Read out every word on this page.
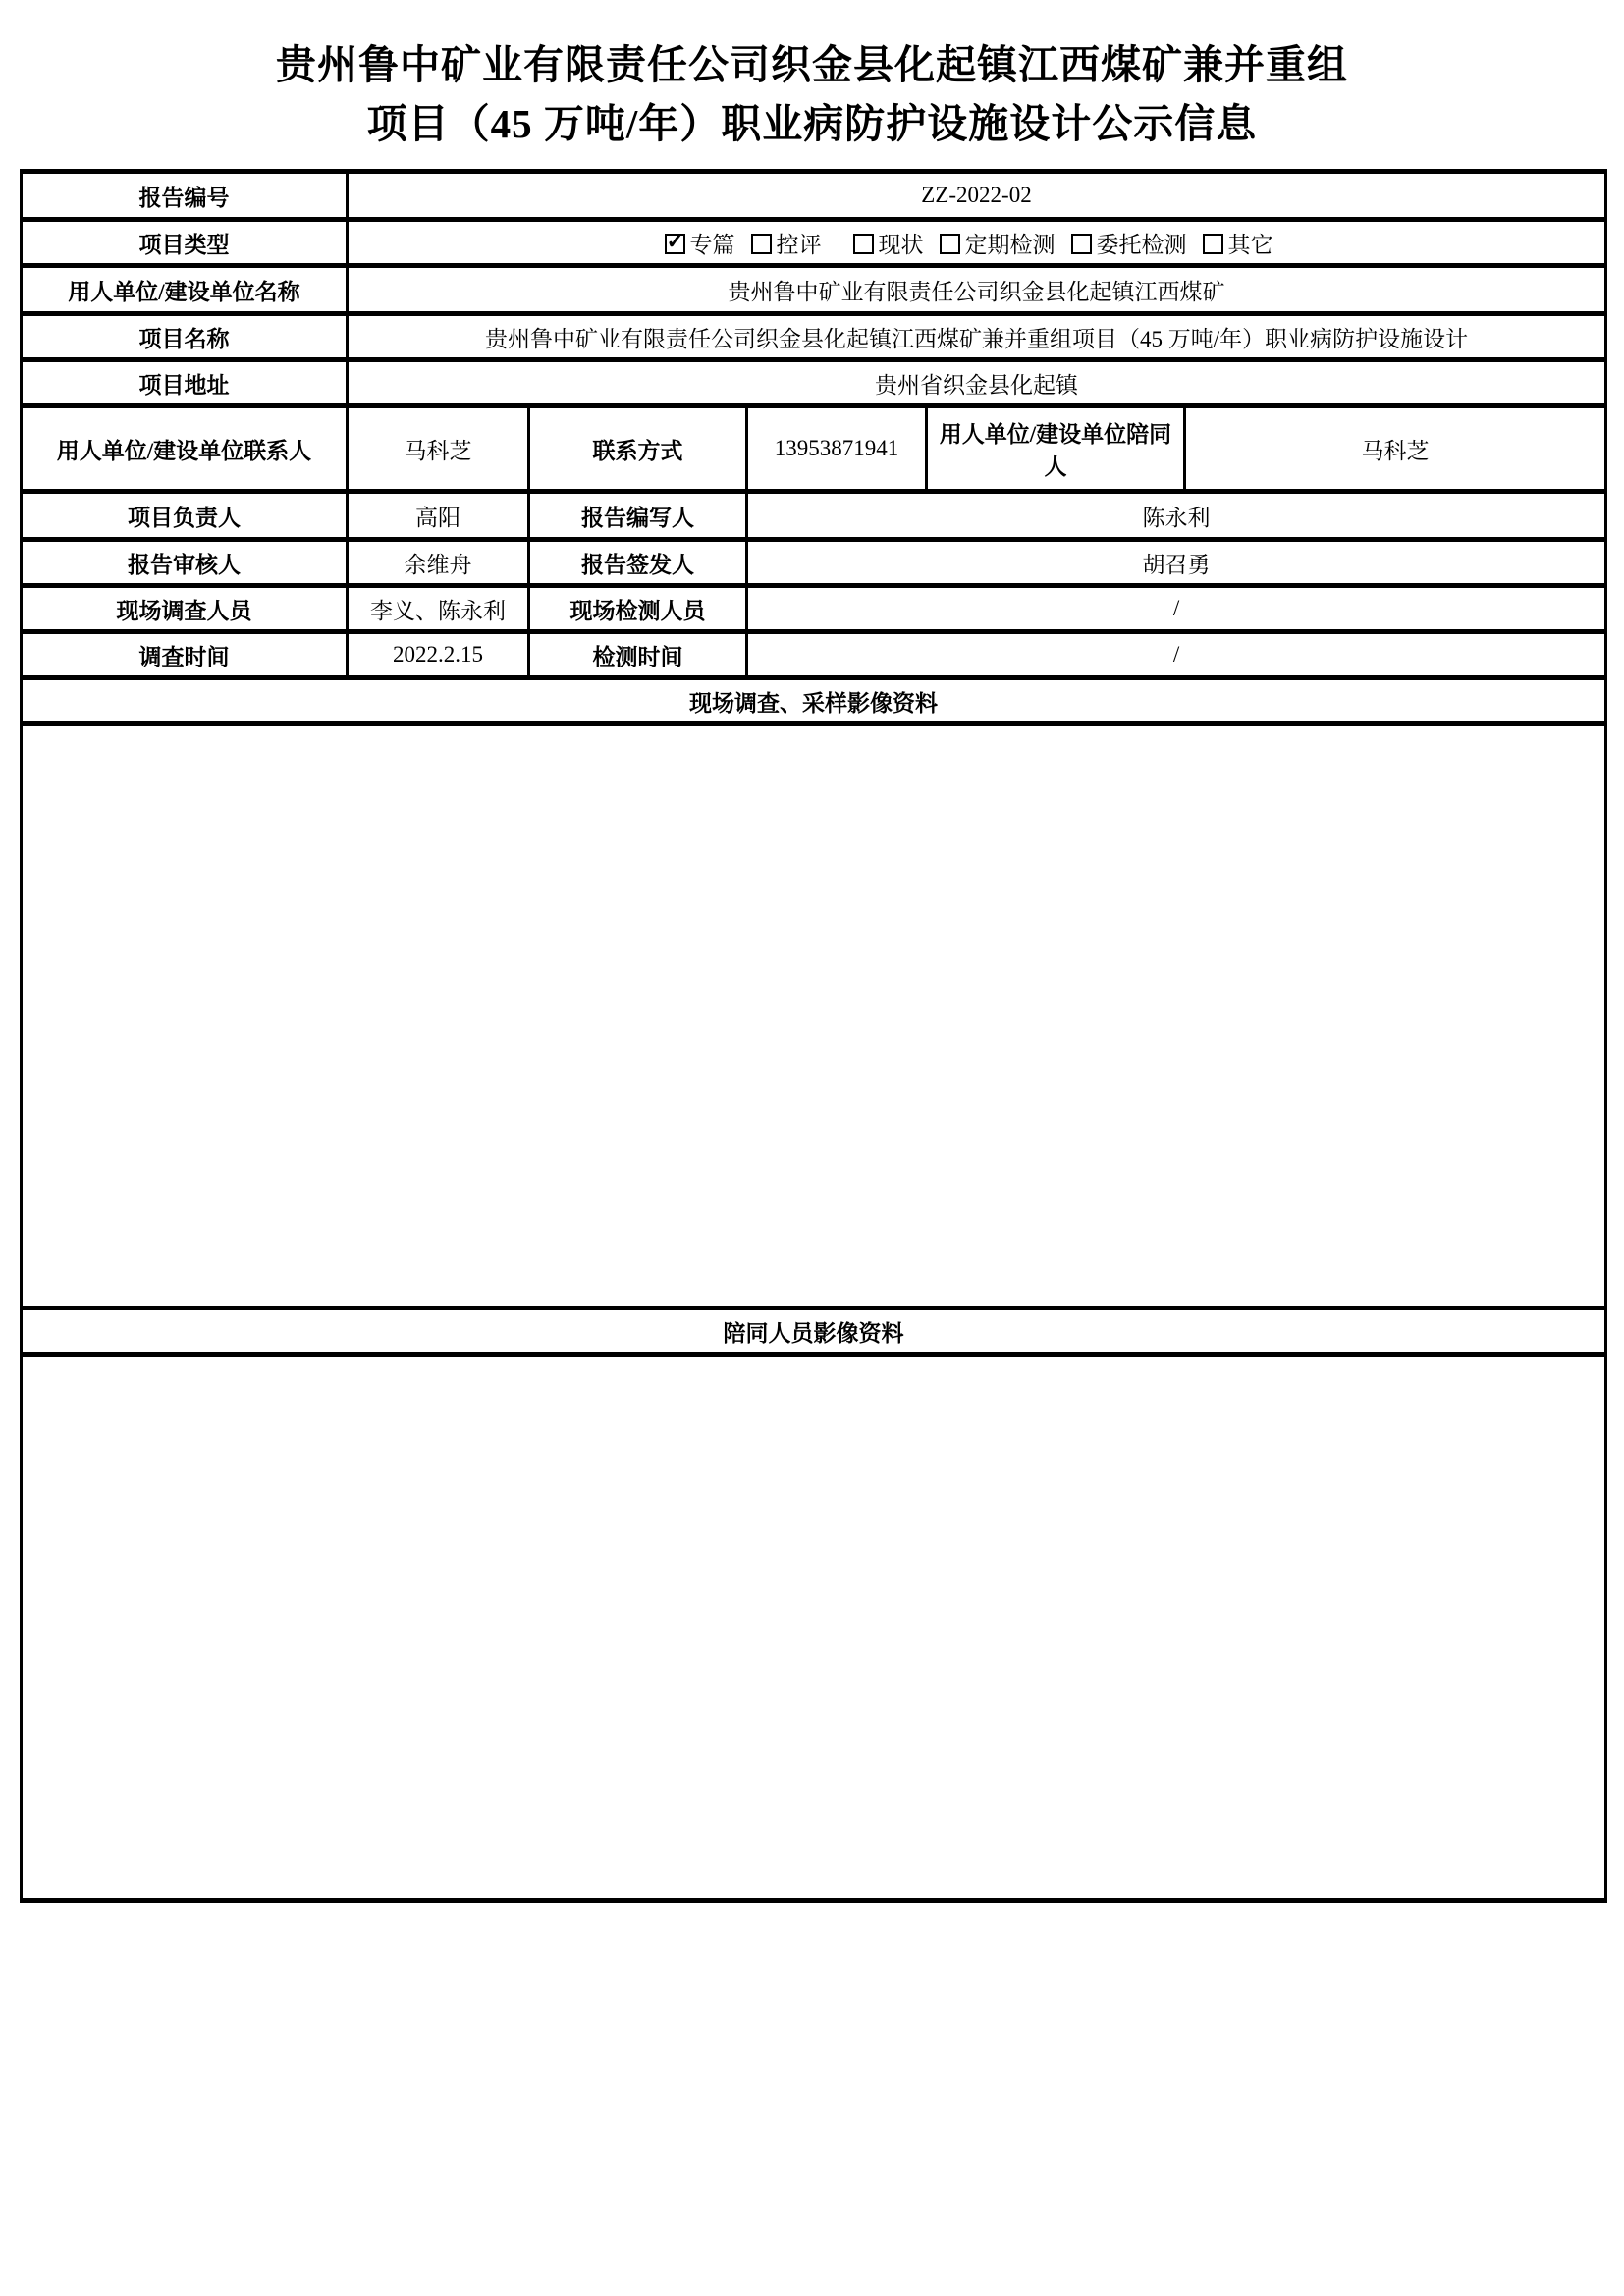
贵州鲁中矿业有限责任公司织金县化起镇江西煤矿兼并重组
项目（45 万吨/年）职业病防护设施设计公示信息
报告编号	ZZ-2022-02				
项目类型	✓专篇 控评 现状 定期检测 委托检测 其它
用人单位/建设单位名称	贵州鲁中矿业有限责任公司织金县化起镇江西煤矿				
项目名称	贵州鲁中矿业有限责任公司织金县化起镇江西煤矿兼并重组项目（45 万吨/年）职业病防护设施设计				
项目地址	贵州省织金县化起镇				
用人单位/建设单位联系人	马科芝	联系方式	13953871941	用人单位/建设单位陪同人	马科芝
项目负责人	高阳	报告编写人	陈永利		
报告审核人	余维舟	报告签发人	胡召勇		
现场调查人员	李义、陈永利	现场检测人员	/		
调查时间	2022.2.15	检测时间	/		
现场调查、采样影像资料					

陪同人员影像资料					
